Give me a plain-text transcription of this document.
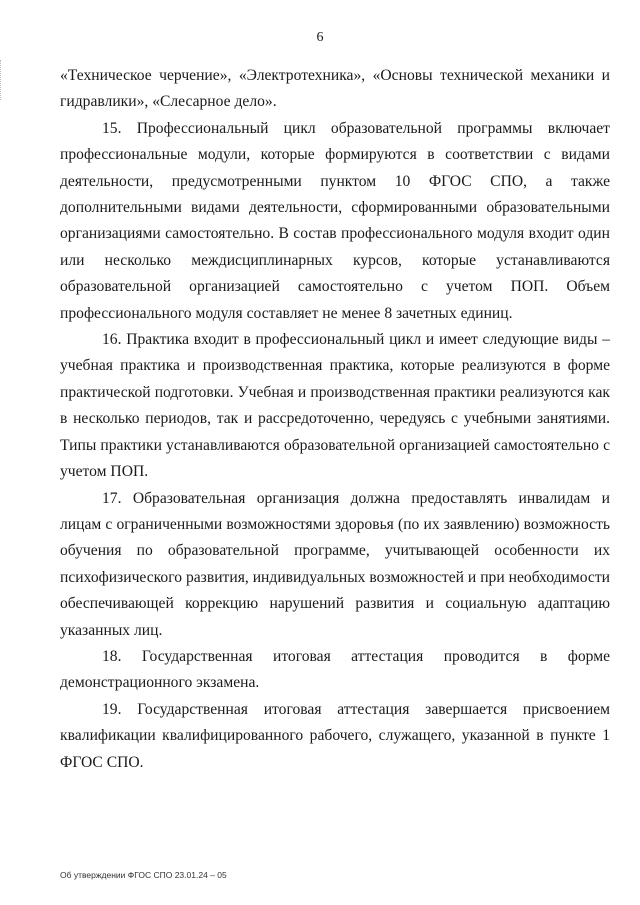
6

«Техническое черчение», «Электротехника», «Основы технической механики и гидравлики», «Слесарное дело».

15. Профессиональный цикл образовательной программы включает профессиональные модули, которые формируются в соответствии с видами деятельности, предусмотренными пунктом 10 ФГОС СПО, а также дополнительными видами деятельности, сформированными образовательными организациями самостоятельно. В состав профессионального модуля входит один или несколько междисциплинарных курсов, которые устанавливаются образовательной организацией самостоятельно с учетом ПОП. Объем профессионального модуля составляет не менее 8 зачетных единиц.

16. Практика входит в профессиональный цикл и имеет следующие виды – учебная практика и производственная практика, которые реализуются в форме практической подготовки. Учебная и производственная практики реализуются как в несколько периодов, так и рассредоточенно, чередуясь с учебными занятиями. Типы практики устанавливаются образовательной организацией самостоятельно с учетом ПОП.

17. Образовательная организация должна предоставлять инвалидам и лицам с ограниченными возможностями здоровья (по их заявлению) возможность обучения по образовательной программе, учитывающей особенности их психофизического развития, индивидуальных возможностей и при необходимости обеспечивающей коррекцию нарушений развития и социальную адаптацию указанных лиц.

18. Государственная итоговая аттестация проводится в форме демонстрационного экзамена.

19. Государственная итоговая аттестация завершается присвоением квалификации квалифицированного рабочего, служащего, указанной в пункте 1 ФГОС СПО.

Об утверждении ФГОС СПО 23.01.24 – 05
